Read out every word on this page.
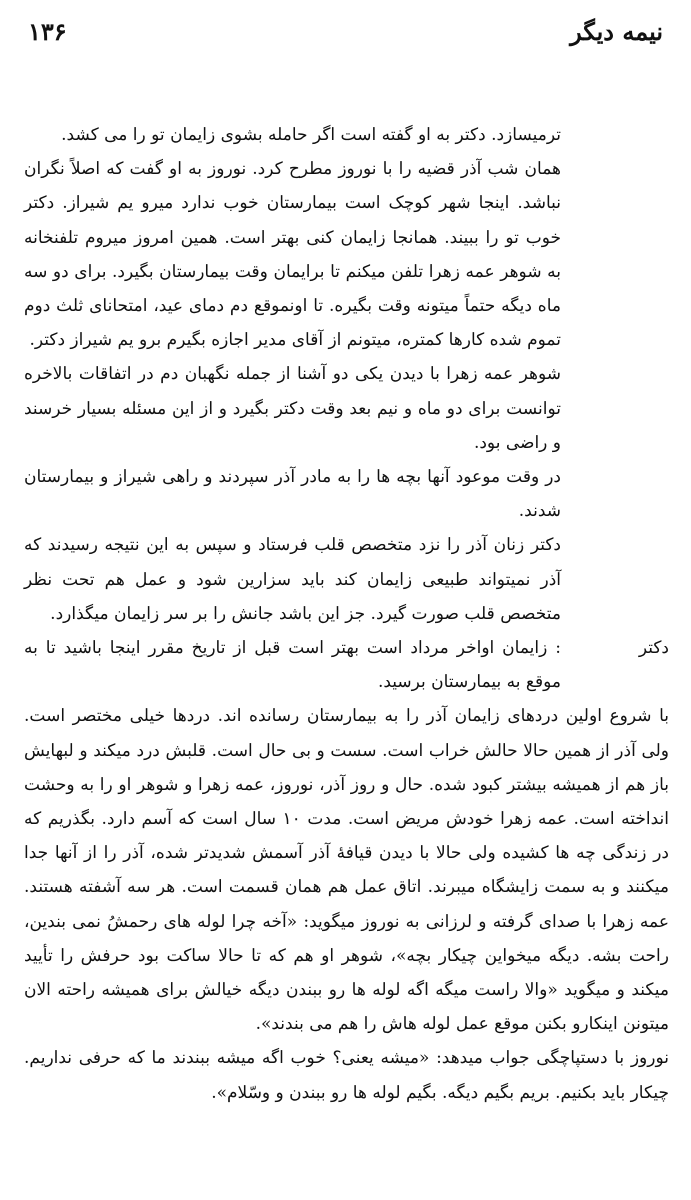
۱۳۶	نیمه دیگر

ترمیسازد. دکتر به او گفته است اگر حامله بشوی زایمان تو را می کشد.

همان شب آذر قضیه را با نوروز مطرح کرد. نوروز به او گفت که اصلاً نگران نباشد. اینجا شهر کوچک است بیمارستان خوب ندارد میرو یم شیراز. دکتر خوب تو را ببیند. همانجا زایمان کنی بهتر است. همین امروز میروم تلفنخانه به شوهر عمه زهرا تلفن میکنم تا برایمان وقت بیمارستان بگیرد. برای دو سه ماه دیگه حتماً میتونه وقت بگیره. تا اونموقع دم دمای عید، امتحانای ثلث دوم تموم شده کارها کمتره، میتونم از آقای مدیر اجازه بگیرم برو یم شیراز دکتر.

شوهر عمه زهرا با دیدن یکی دو آشنا از جمله نگهبان دم در اتفاقات بالاخره توانست برای دو ماه و نیم بعد وقت دکتر بگیرد و از این مسئله بسیار خرسند و راضی بود.

در وقت موعود آنها بچه ها را به مادر آذر سپردند و راهی شیراز و بیمارستان شدند.

دکتر زنان آذر را نزد متخصص قلب فرستاد و سپس به این نتیجه رسیدند که آذر نمیتواند طبیعی زایمان کند باید سزارین شود و عمل هم تحت نظر متخصص قلب صورت گیرد. جز این باشد جانش را بر سر زایمان میگذارد.

دکتر

: زایمان اواخر مرداد است بهتر است قبل از تاریخ مقرر اینجا باشید تا به موقع به بیمارستان برسید.

با شروع اولین دردهای زایمان آذر را به بیمارستان رسانده اند. دردها خیلی مختصر است. ولی آذر از همین حالا حالش خراب است. سست و بی حال است. قلبش درد میکند و لبهایش باز هم از همیشه بیشتر کبود شده. حال و روز آذر، نوروز، عمه زهرا و شوهر او را به وحشت انداخته است. عمه زهرا خودش مریض است. مدت ۱۰ سال است که آسم دارد. بگذریم که در زندگی چه ها کشیده ولی حالا با دیدن قیافهٔ آذر آسمش شدیدتر شده، آذر را از آنها جدا میکنند و به سمت زایشگاه میبرند. اتاق عمل هم همان قسمت است. هر سه آشفته هستند. عمه زهرا با صدای گرفته و لرزانی به نوروز میگوید: «آخه چرا لوله های رحمشُ نمی بندین، راحت بشه. دیگه میخواین چیکار بچه»، شوهر او هم که تا حالا ساکت بود حرفش را تأیید میکند و میگوید «والا راست میگه اگه لوله ها رو ببندن دیگه خیالش برای همیشه راحته الان میتونن اینکارو بکنن موقع عمل لوله هاش را هم می بندند».

نوروز با دستپاچگی جواب میدهد: «میشه یعنی؟ خوب اگه میشه ببندند ما که حرفی نداریم. چیکار باید بکنیم. بریم بگیم دیگه. بگیم لوله ها رو ببندن و وسّلام».
